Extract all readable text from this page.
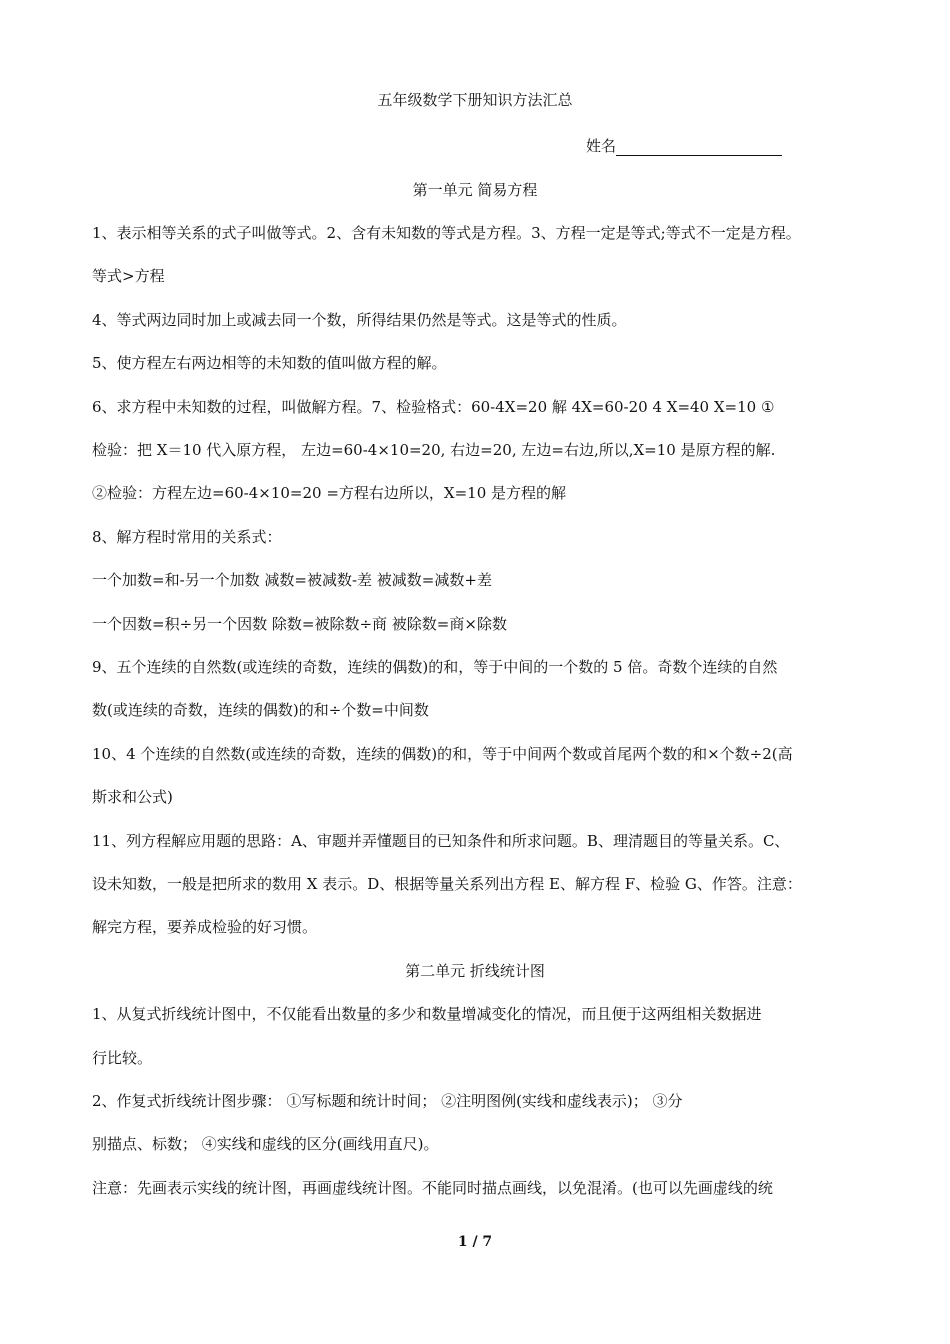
五年级数学下册知识方法汇总
姓名
第一单元 简易方程
1、表示相等关系的式子叫做等式。2、含有未知数的等式是方程。3、方程一定是等式;等式不一定是方程。
等式>方程
4、等式两边同时加上或减去同一个数，所得结果仍然是等式。这是等式的性质。
5、使方程左右两边相等的未知数的值叫做方程的解。
6、求方程中未知数的过程，叫做解方程。7、检验格式：60-4X=20 解 4X=60-20 4 X=40 X=10 ①
检验：把 X＝10 代入原方程， 左边=60-4×10=20, 右边=20, 左边=右边,所以,X=10 是原方程的解.
②检验：方程左边=60-4×10=20 =方程右边所以，X=10 是方程的解
8、解方程时常用的关系式：
一个加数=和-另一个加数 减数=被减数-差 被减数=减数+差
一个因数=积÷另一个因数 除数=被除数÷商 被除数=商×除数
9、五个连续的自然数(或连续的奇数，连续的偶数)的和，等于中间的一个数的 5 倍。奇数个连续的自然
数(或连续的奇数，连续的偶数)的和÷个数=中间数
10、4 个连续的自然数(或连续的奇数，连续的偶数)的和，等于中间两个数或首尾两个数的和×个数÷2(高
斯求和公式)
11、列方程解应用题的思路：A、审题并弄懂题目的已知条件和所求问题。B、理清题目的等量关系。C、
设未知数，一般是把所求的数用 X 表示。D、根据等量关系列出方程 E、解方程 F、检验 G、作答。注意：
解完方程，要养成检验的好习惯。
第二单元 折线统计图
1、从复式折线统计图中，不仅能看出数量的多少和数量增减变化的情况，而且便于这两组相关数据进
行比较。
2、作复式折线统计图步骤： ①写标题和统计时间； ②注明图例(实线和虚线表示)； ③分
别描点、标数； ④实线和虚线的区分(画线用直尺)。
注意：先画表示实线的统计图，再画虚线统计图。不能同时描点画线，以免混淆。(也可以先画虚线的统
1 / 7
